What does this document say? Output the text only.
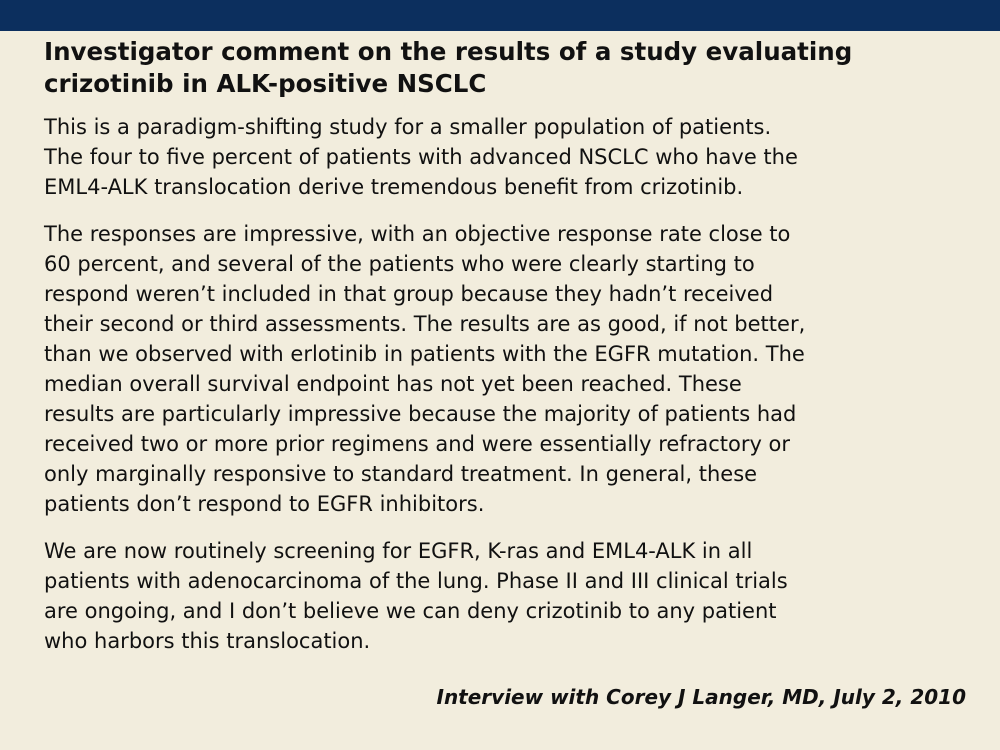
Investigator comment on the results of a study evaluating
crizotinib in ALK-positive NSCLC

This is a paradigm-shifting study for a smaller population of patients.
The four to five percent of patients with advanced NSCLC who have the
EML4-ALK translocation derive tremendous benefit from crizotinib.

The responses are impressive, with an objective response rate close to
60 percent, and several of the patients who were clearly starting to
respond weren’t included in that group because they hadn’t received
their second or third assessments. The results are as good, if not better,
than we observed with erlotinib in patients with the EGFR mutation. The
median overall survival endpoint has not yet been reached. These
results are particularly impressive because the majority of patients had
received two or more prior regimens and were essentially refractory or
only marginally responsive to standard treatment. In general, these
patients don’t respond to EGFR inhibitors.

We are now routinely screening for EGFR, K-ras and EML4-ALK in all
patients with adenocarcinoma of the lung. Phase II and III clinical trials
are ongoing, and I don’t believe we can deny crizotinib to any patient
who harbors this translocation.

Interview with Corey J Langer, MD, July 2, 2010
